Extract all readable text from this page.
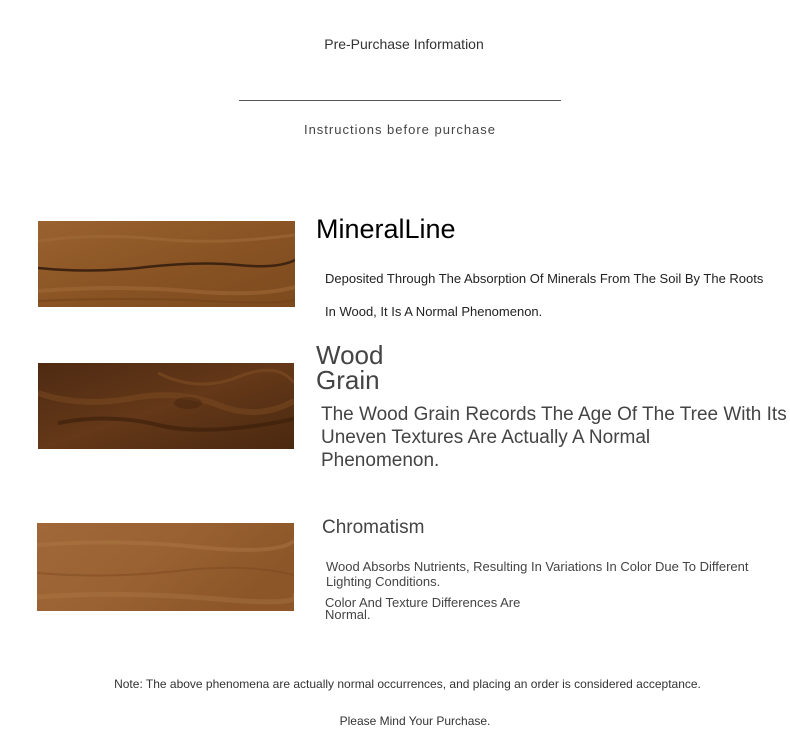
Pre-Purchase Information
Instructions before purchase
MineralLine
Deposited Through The Absorption Of Minerals From The Soil By The Roots
In Wood, It Is A Normal Phenomenon.
Wood
Grain
The Wood Grain Records The Age Of The Tree With Its
Uneven Textures Are Actually A Normal
Phenomenon.
Chromatism
Wood Absorbs Nutrients, Resulting In Variations In Color Due To Different
Lighting Conditions.
Color And Texture Differences Are
Normal.
Note: The above phenomena are actually normal occurrences, and placing an order is considered acceptance.
Please Mind Your Purchase.
